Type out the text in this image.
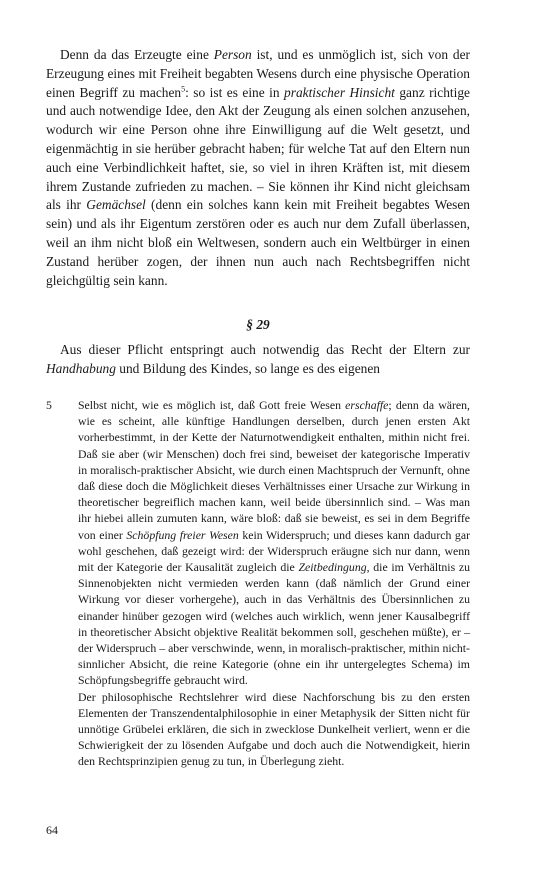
Denn da das Erzeugte eine Person ist, und es unmöglich ist, sich von der Erzeugung eines mit Freiheit begabten Wesens durch eine physische Operation einen Begriff zu machen$^5$: so ist es eine in praktischer Hinsicht ganz richtige und auch notwendige Idee, den Akt der Zeugung als einen solchen anzusehen, wodurch wir eine Person ohne ihre Einwilligung auf die Welt gesetzt, und eigenmächtig in sie herüber gebracht haben; für welche Tat auf den Eltern nun auch eine Verbindlichkeit haftet, sie, so viel in ihren Kräften ist, mit diesem ihrem Zustande zufrieden zu machen. – Sie können ihr Kind nicht gleichsam als ihr Gemächsel (denn ein solches kann kein mit Freiheit begabtes Wesen sein) und als ihr Eigentum zerstören oder es auch nur dem Zufall überlassen, weil an ihm nicht bloß ein Weltwesen, sondern auch ein Weltbürger in einen Zustand herüber zogen, der ihnen nun auch nach Rechtsbegriffen nicht gleichgültig sein kann.

§ 29

Aus dieser Pflicht entspringt auch notwendig das Recht der Eltern zur Handhabung und Bildung des Kindes, so lange es des eigenen

5 Selbst nicht, wie es möglich ist, daß Gott freie Wesen erschaffe; denn da wären, wie es scheint, alle künftige Handlungen derselben, durch jenen ersten Akt vorherbestimmt, in der Kette der Naturnotwendigkeit enthalten, mithin nicht frei. Daß sie aber (wir Menschen) doch frei sind, beweiset der kategorische Imperativ in moralisch-praktischer Absicht, wie durch einen Machtspruch der Vernunft, ohne daß diese doch die Möglichkeit dieses Verhältnisses einer Ursache zur Wirkung in theoretischer begreiflich machen kann, weil beide übersinnlich sind. – Was man ihr hiebei allein zumuten kann, wäre bloß: daß sie beweist, es sei in dem Begriffe von einer Schöpfung freier Wesen kein Widerspruch; und dieses kann dadurch gar wohl geschehen, daß gezeigt wird: der Widerspruch eräugne sich nur dann, wenn mit der Kategorie der Kausalität zugleich die Zeitbedingung, die im Verhältnis zu Sinnenobjekten nicht vermieden werden kann (daß nämlich der Grund einer Wirkung vor dieser vorhergehe), auch in das Verhältnis des Übersinnlichen zu einander hinüber gezogen wird (welches auch wirklich, wenn jener Kausalbegriff in theoretischer Absicht objektive Realität bekommen soll, geschehen müßte), er – der Widerspruch – aber verschwinde, wenn, in moralisch-praktischer, mithin nicht-sinnlicher Absicht, die reine Kategorie (ohne ein ihr untergelegtes Schema) im Schöpfungsbegriffe gebraucht wird.

Der philosophische Rechtslehrer wird diese Nachforschung bis zu den ersten Elementen der Transzendentalphilosophie in einer Metaphysik der Sitten nicht für unnötige Grübelei erklären, die sich in zwecklose Dunkelheit verliert, wenn er die Schwierigkeit der zu lösenden Aufgabe und doch auch die Notwendigkeit, hierin den Rechtsprinzipien genug zu tun, in Überlegung zieht.

64
